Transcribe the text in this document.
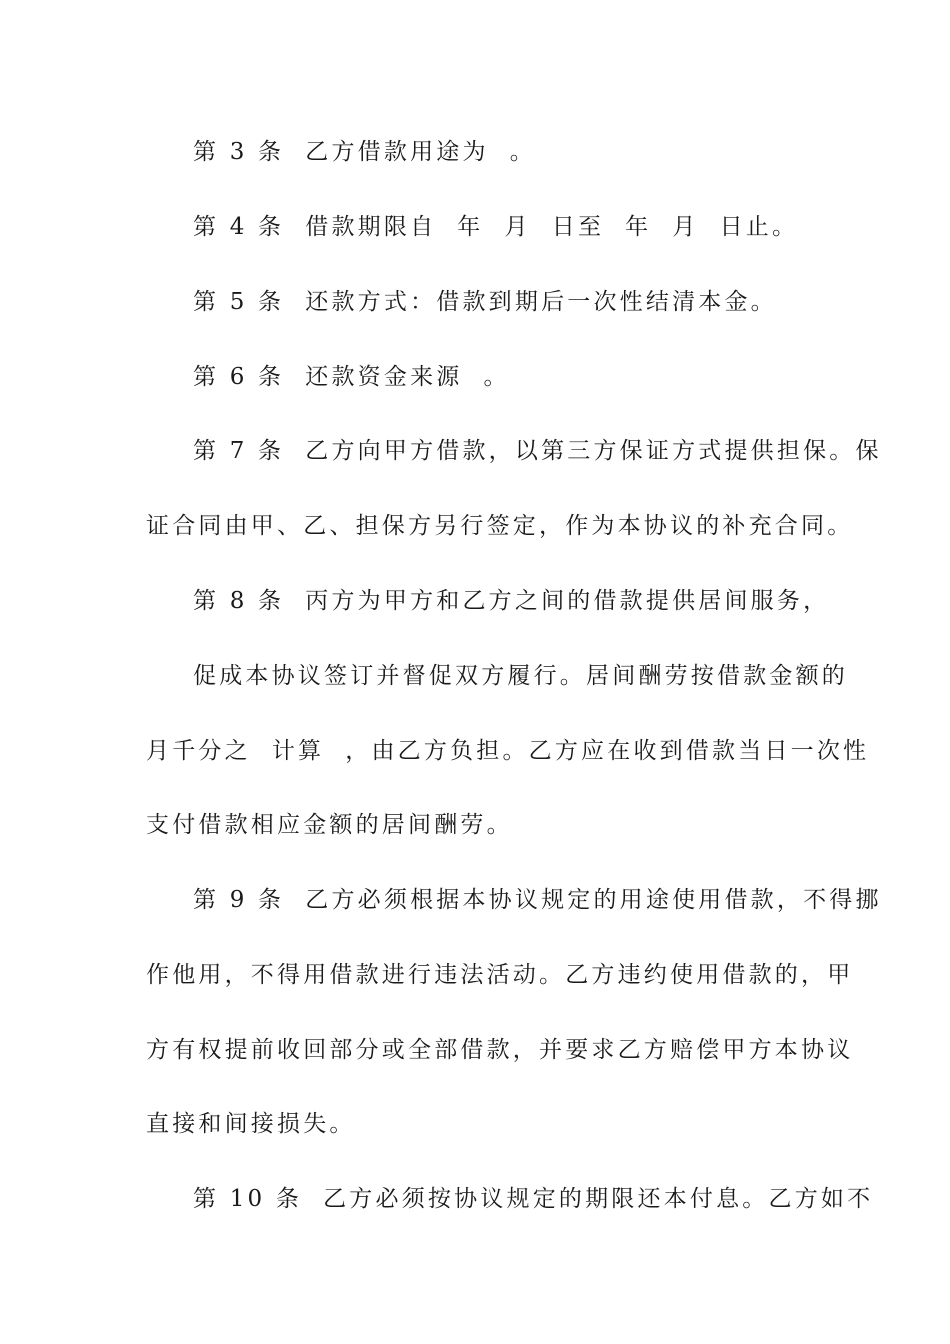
第 3 条  乙方借款用途为  。
第 4 条  借款期限自  年  月  日至  年  月  日止。
第 5 条  还款方式：借款到期后一次性结清本金。
第 6 条  还款资金来源  。
第 7 条  乙方向甲方借款，以第三方保证方式提供担保。保
证合同由甲、乙、担保方另行签定，作为本协议的补充合同。
第 8 条  丙方为甲方和乙方之间的借款提供居间服务，
促成本协议签订并督促双方履行。居间酬劳按借款金额的
月千分之  计算  ，由乙方负担。乙方应在收到借款当日一次性
支付借款相应金额的居间酬劳。
第 9 条  乙方必须根据本协议规定的用途使用借款，不得挪
作他用，不得用借款进行违法活动。乙方违约使用借款的，甲
方有权提前收回部分或全部借款，并要求乙方赔偿甲方本协议
直接和间接损失。
第 10 条  乙方必须按协议规定的期限还本付息。乙方如不
